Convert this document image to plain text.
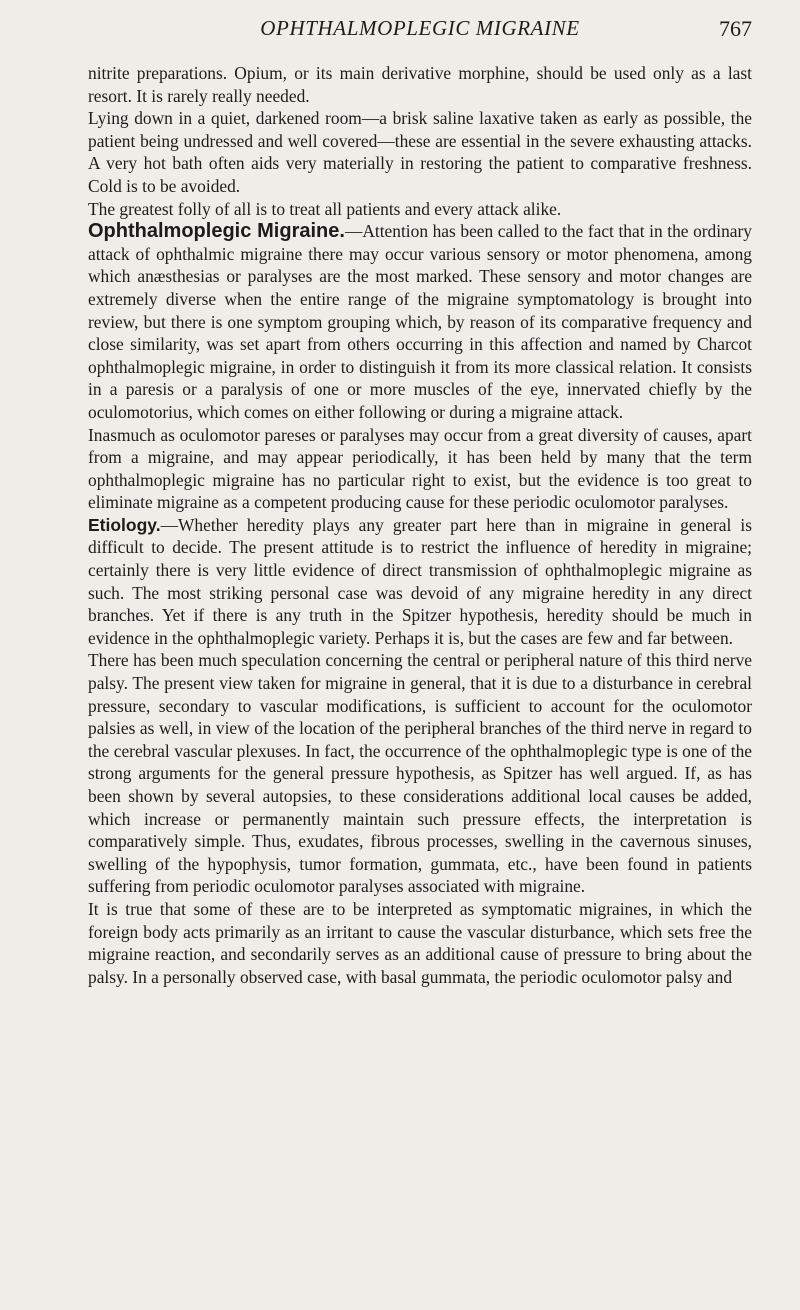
OPHTHALMOPLEGIC MIGRAINE	767

nitrite preparations. Opium, or its main derivative morphine, should be used only as a last resort. It is rarely really needed.

Lying down in a quiet, darkened room—a brisk saline laxative taken as early as possible, the patient being undressed and well covered—these are essential in the severe exhausting attacks. A very hot bath often aids very materially in restoring the patient to comparative freshness. Cold is to be avoided.

The greatest folly of all is to treat all patients and every attack alike.

Ophthalmoplegic Migraine.—Attention has been called to the fact that in the ordinary attack of ophthalmic migraine there may occur various sensory or motor phenomena, among which anæsthesias or paralyses are the most marked. These sensory and motor changes are extremely diverse when the entire range of the migraine symptomatology is brought into review, but there is one symptom grouping which, by reason of its comparative frequency and close similarity, was set apart from others occurring in this affection and named by Charcot ophthalmoplegic migraine, in order to distinguish it from its more classical relation. It consists in a paresis or a paralysis of one or more muscles of the eye, innervated chiefly by the oculomotorius, which comes on either following or during a migraine attack.

Inasmuch as oculomotor pareses or paralyses may occur from a great diversity of causes, apart from a migraine, and may appear periodically, it has been held by many that the term ophthalmoplegic migraine has no particular right to exist, but the evidence is too great to eliminate migraine as a competent producing cause for these periodic oculomotor paralyses.

Etiology.—Whether heredity plays any greater part here than in migraine in general is difficult to decide. The present attitude is to restrict the influence of heredity in migraine; certainly there is very little evidence of direct transmission of ophthalmoplegic migraine as such. The most striking personal case was devoid of any migraine heredity in any direct branches. Yet if there is any truth in the Spitzer hypothesis, heredity should be much in evidence in the ophthalmoplegic variety. Perhaps it is, but the cases are few and far between.

There has been much speculation concerning the central or peripheral nature of this third nerve palsy. The present view taken for migraine in general, that it is due to a disturbance in cerebral pressure, secondary to vascular modifications, is sufficient to account for the oculomotor palsies as well, in view of the location of the peripheral branches of the third nerve in regard to the cerebral vascular plexuses. In fact, the occurrence of the ophthalmoplegic type is one of the strong arguments for the general pressure hypothesis, as Spitzer has well argued. If, as has been shown by several autopsies, to these considerations additional local causes be added, which increase or permanently maintain such pressure effects, the interpretation is comparatively simple. Thus, exudates, fibrous processes, swelling in the cavernous sinuses, swelling of the hypophysis, tumor formation, gummata, etc., have been found in patients suffering from periodic oculomotor paralyses associated with migraine.

It is true that some of these are to be interpreted as symptomatic migraines, in which the foreign body acts primarily as an irritant to cause the vascular disturbance, which sets free the migraine reaction, and secondarily serves as an additional cause of pressure to bring about the palsy. In a personally observed case, with basal gummata, the periodic oculomotor palsy and
